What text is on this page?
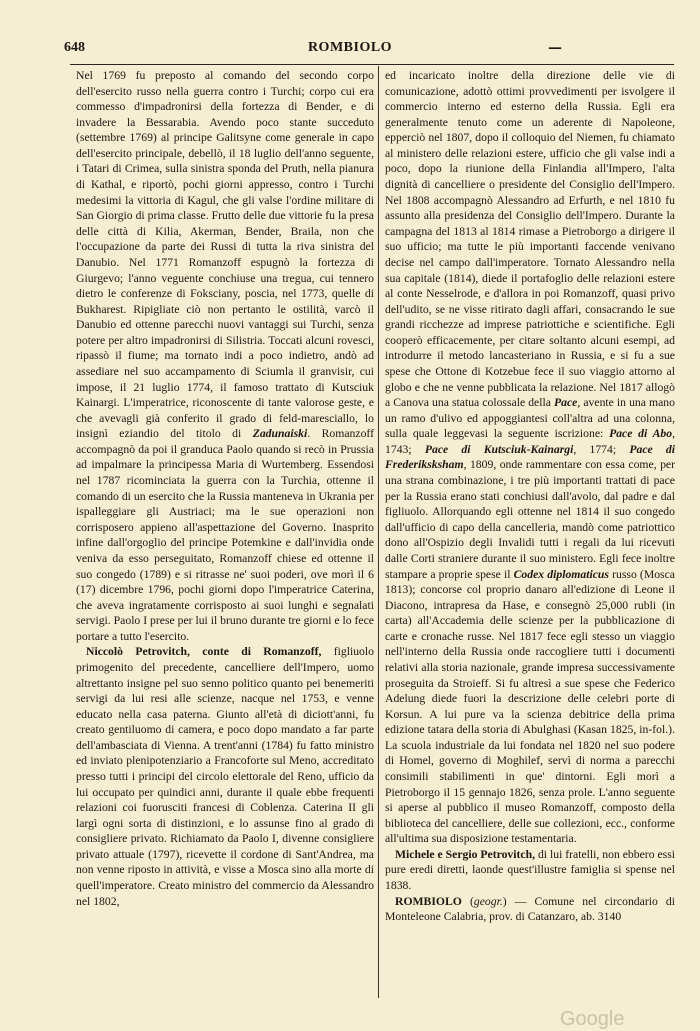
648	ROMBIOLO	—

Nel 1769 fu preposto al comando del secondo corpo dell'esercito russo nella guerra contro i Turchi; corpo cui era commesso d'impadronirsi della fortezza di Bender, e di invadere la Bessarabia. Avendo poco stante succeduto (settembre 1769) al principe Galitsyne come generale in capo dell'esercito principale, debellò, il 18 luglio dell'anno seguente, i Tatari di Crimea, sulla sinistra sponda del Pruth, nella pianura di Kathal, e riportò, pochi giorni appresso, contro i Turchi medesimi la vittoria di Kagul, che gli valse l'ordine militare di San Giorgio di prima classe. Frutto delle due vittorie fu la presa delle città di Kilia, Akerman, Bender, Braila, non che l'occupazione da parte dei Russi di tutta la riva sinistra del Danubio. Nel 1771 Romanzoff espugnò la fortezza di Giurgevo; l'anno veguente conchiuse una tregua, cui tennero dietro le conferenze di Foksciany, poscia, nel 1773, quelle di Bukharest. Ripigliate ciò non pertanto le ostilità, varcò il Danubio ed ottenne parecchi nuovi vantaggi sui Turchi, senza potere per altro impadronirsi di Silistria. Toccati alcuni rovesci, ripassò il fiume; ma tornato indi a poco indietro, andò ad assediare nel suo accampamento di Sciumla il granvisir, cui impose, il 21 luglio 1774, il famoso trattato di Kutsciuk Kainargi. L'imperatrice, riconoscente di tante valorose geste, e che avevagli già conferito il grado di feld-maresciallo, lo insignì eziandio del titolo di Zadunaiski. Romanzoff accompagnò da poi il granduca Paolo quando si recò in Prussia ad impalmare la principessa Maria di Wurtemberg. Essendosi nel 1787 ricominciata la guerra con la Turchia, ottenne il comando di un esercito che la Russia manteneva in Ukrania per ispalleggiare gli Austriaci; ma le sue operazioni non corrisposero appieno all'aspettazione del Governo. Inasprito infine dall'orgoglio del principe Potemkine e dall'invidia onde veniva da esso perseguitato, Romanzoff chiese ed ottenne il suo congedo (1789) e si ritrasse ne' suoi poderi, ove morì il 6 (17) dicembre 1796, pochi giorni dopo l'imperatrice Caterina, che aveva ingratamente corrisposto ai suoi lunghi e segnalati servigi. Paolo I prese per lui il bruno durante tre giorni e lo fece portare a tutto l'esercito.

Niccolò Petrovitch, conte di Romanzoff, figliuolo primogenito del precedente, cancelliere dell'Impero, uomo altrettanto insigne pel suo senno politico quanto pei benemeriti servigi da lui resi alle scienze, nacque nel 1753, e venne educato nella casa paterna. Giunto all'età di diciott'anni, fu creato gentiluomo di camera, e poco dopo mandato a far parte dell'ambasciata di Vienna. A trent'anni (1784) fu fatto ministro ed inviato plenipotenziario a Francoforte sul Meno, accreditato presso tutti i principi del circolo elettorale del Reno, ufficio da lui occupato per quindici anni, durante il quale ebbe frequenti relazioni coi fuorusciti francesi di Coblenza. Caterina II gli largì ogni sorta di distinzioni, e lo assunse fino al grado di consigliere privato. Richiamato da Paolo I, divenne consigliere privato attuale (1797), ricevette il cordone di Sant'Andrea, ma non venne riposto in attività, e visse a Mosca sino alla morte di quell'imperatore. Creato ministro del commercio da Alessandro nel 1802,

ed incaricato inoltre della direzione delle vie di comunicazione, adottò ottimi provvedimenti per isvolgere il commercio interno ed esterno della Russia. Egli era generalmente tenuto come un aderente di Napoleone, epperciò nel 1807, dopo il colloquio del Niemen, fu chiamato al ministero delle relazioni estere, ufficio che gli valse indi a poco, dopo la riunione della Finlandia all'Impero, l'alta dignità di cancelliere o presidente del Consiglio dell'Impero. Nel 1808 accompagnò Alessandro ad Erfurth, e nel 1810 fu assunto alla presidenza del Consiglio dell'Impero. Durante la campagna del 1813 al 1814 rimase a Pietroborgo a dirigere il suo ufficio; ma tutte le più importanti faccende venivano decise nel campo dall'imperatore. Tornato Alessandro nella sua capitale (1814), diede il portafoglio delle relazioni estere al conte Nesselrode, e d'allora in poi Romanzoff, quasi privo dell'udito, se ne visse ritirato dagli affari, consacrando le sue grandi ricchezze ad imprese patriottiche e scientifiche. Egli cooperò efficacemente, per citare soltanto alcuni esempi, ad introdurre il metodo lancasteriano in Russia, e si fu a sue spese che Ottone di Kotzebue fece il suo viaggio attorno al globo e che ne venne pubblicata la relazione. Nel 1817 allogò a Canova una statua colossale della Pace, avente in una mano un ramo d'ulivo ed appoggiantesi coll'altra ad una colonna, sulla quale leggevasi la seguente iscrizione: Pace di Abo, 1743; Pace di Kutsciuk-Kainargi, 1774; Pace di Frederiksksham, 1809, onde rammentare con essa come, per una strana combinazione, i tre più importanti trattati di pace per la Russia erano stati conchiusi dall'avolo, dal padre e dal figliuolo. Allorquando egli ottenne nel 1814 il suo congedo dall'ufficio di capo della cancelleria, mandò come patriottico dono all'Ospizio degli Invalidi tutti i regali da lui ricevuti dalle Corti straniere durante il suo ministero. Egli fece inoltre stampare a proprie spese il Codex diplomaticus russo (Mosca 1813); concorse col proprio danaro all'edizione di Leone il Diacono, intrapresa da Hase, e consegnò 25,000 rubli (in carta) all'Accademia delle scienze per la pubblicazione di carte e cronache russe. Nel 1817 fece egli stesso un viaggio nell'interno della Russia onde raccogliere tutti i documenti relativi alla storia nazionale, grande impresa successivamente proseguita da Stroieff. Si fu altresì a sue spese che Federico Adelung diede fuori la descrizione delle celebri porte di Korsun. A lui pure va la scienza debitrice della prima edizione tatara della storia di Abulghasi (Kasan 1825, in-fol.). La scuola industriale da lui fondata nel 1820 nel suo podere di Homel, governo di Moghilef, servì di norma a parecchi consimili stabilimenti in que' dintorni. Egli morì a Pietroborgo il 15 gennajo 1826, senza prole. L'anno seguente si aperse al pubblico il museo Romanzoff, composto della biblioteca del cancelliere, delle sue collezioni, ecc., conforme all'ultima sua disposizione testamentaria.

Michele e Sergio Petrovitch, di lui fratelli, non ebbero essi pure eredi diretti, laonde quest'illustre famiglia si spense nel 1838.

ROMBIOLO (geogr.) — Comune nel circondario di Monteleone Calabria, prov. di Catanzaro, ab. 3140

Google
